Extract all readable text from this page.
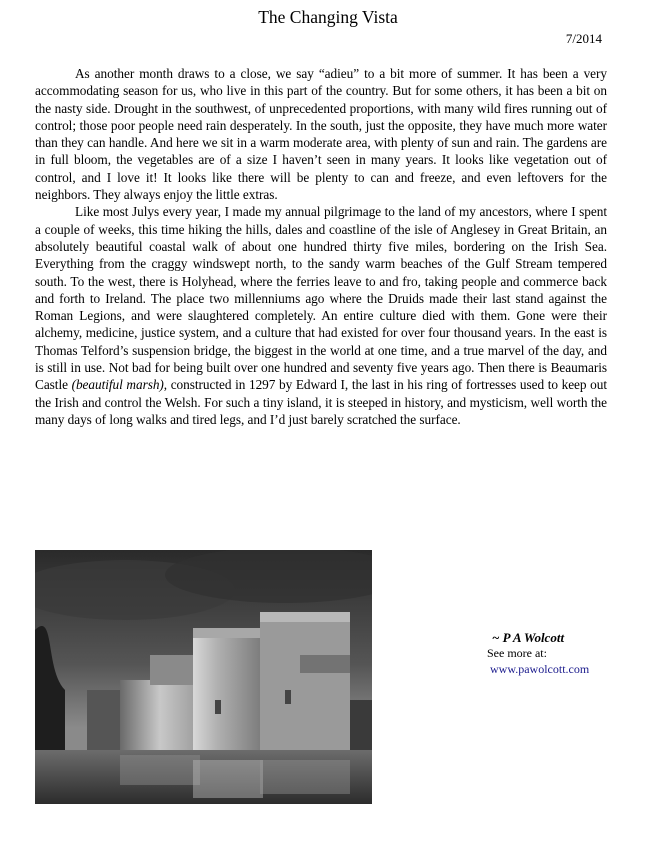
The Changing Vista
7/2014

As another month draws to a close, we say “adieu” to a bit more of summer. It has been a very accommodating season for us, who live in this part of the country. But for some others, it has been a bit on the nasty side. Drought in the southwest, of unprecedented proportions, with many wild fires running out of control; those poor people need rain desperately. In the south, just the opposite, they have much more water than they can handle. And here we sit in a warm moderate area, with plenty of sun and rain. The gardens are in full bloom, the vegetables are of a size I haven’t seen in many years. It looks like vegetation out of control, and I love it! It looks like there will be plenty to can and freeze, and even leftovers for the neighbors. They always enjoy the little extras.

Like most Julys every year, I made my annual pilgrimage to the land of my ancestors, where I spent a couple of weeks, this time hiking the hills, dales and coastline of the isle of Anglesey in Great Britain, an absolutely beautiful coastal walk of about one hundred thirty five miles, bordering on the Irish Sea. Everything from the craggy windswept north, to the sandy warm beaches of the Gulf Stream tempered south. To the west, there is Holyhead, where the ferries leave to and fro, taking people and commerce back and forth to Ireland. The place two millenniums ago where the Druids made their last stand against the Roman Legions, and were slaughtered completely. An entire culture died with them. Gone were their alchemy, medicine, justice system, and a culture that had existed for over four thousand years. In the east is Thomas Telford’s suspension bridge, the biggest in the world at one time, and a true marvel of the day, and is still in use. Not bad for being built over one hundred and seventy five years ago. Then there is Beaumaris Castle (beautiful marsh), constructed in 1297 by Edward I, the last in his ring of fortresses used to keep out the Irish and control the Welsh. For such a tiny island, it is steeped in history, and mysticism, well worth the many days of long walks and tired legs, and I’d just barely scratched the surface.

~ P A Wolcott
See more at:
www.pawolcott.com
